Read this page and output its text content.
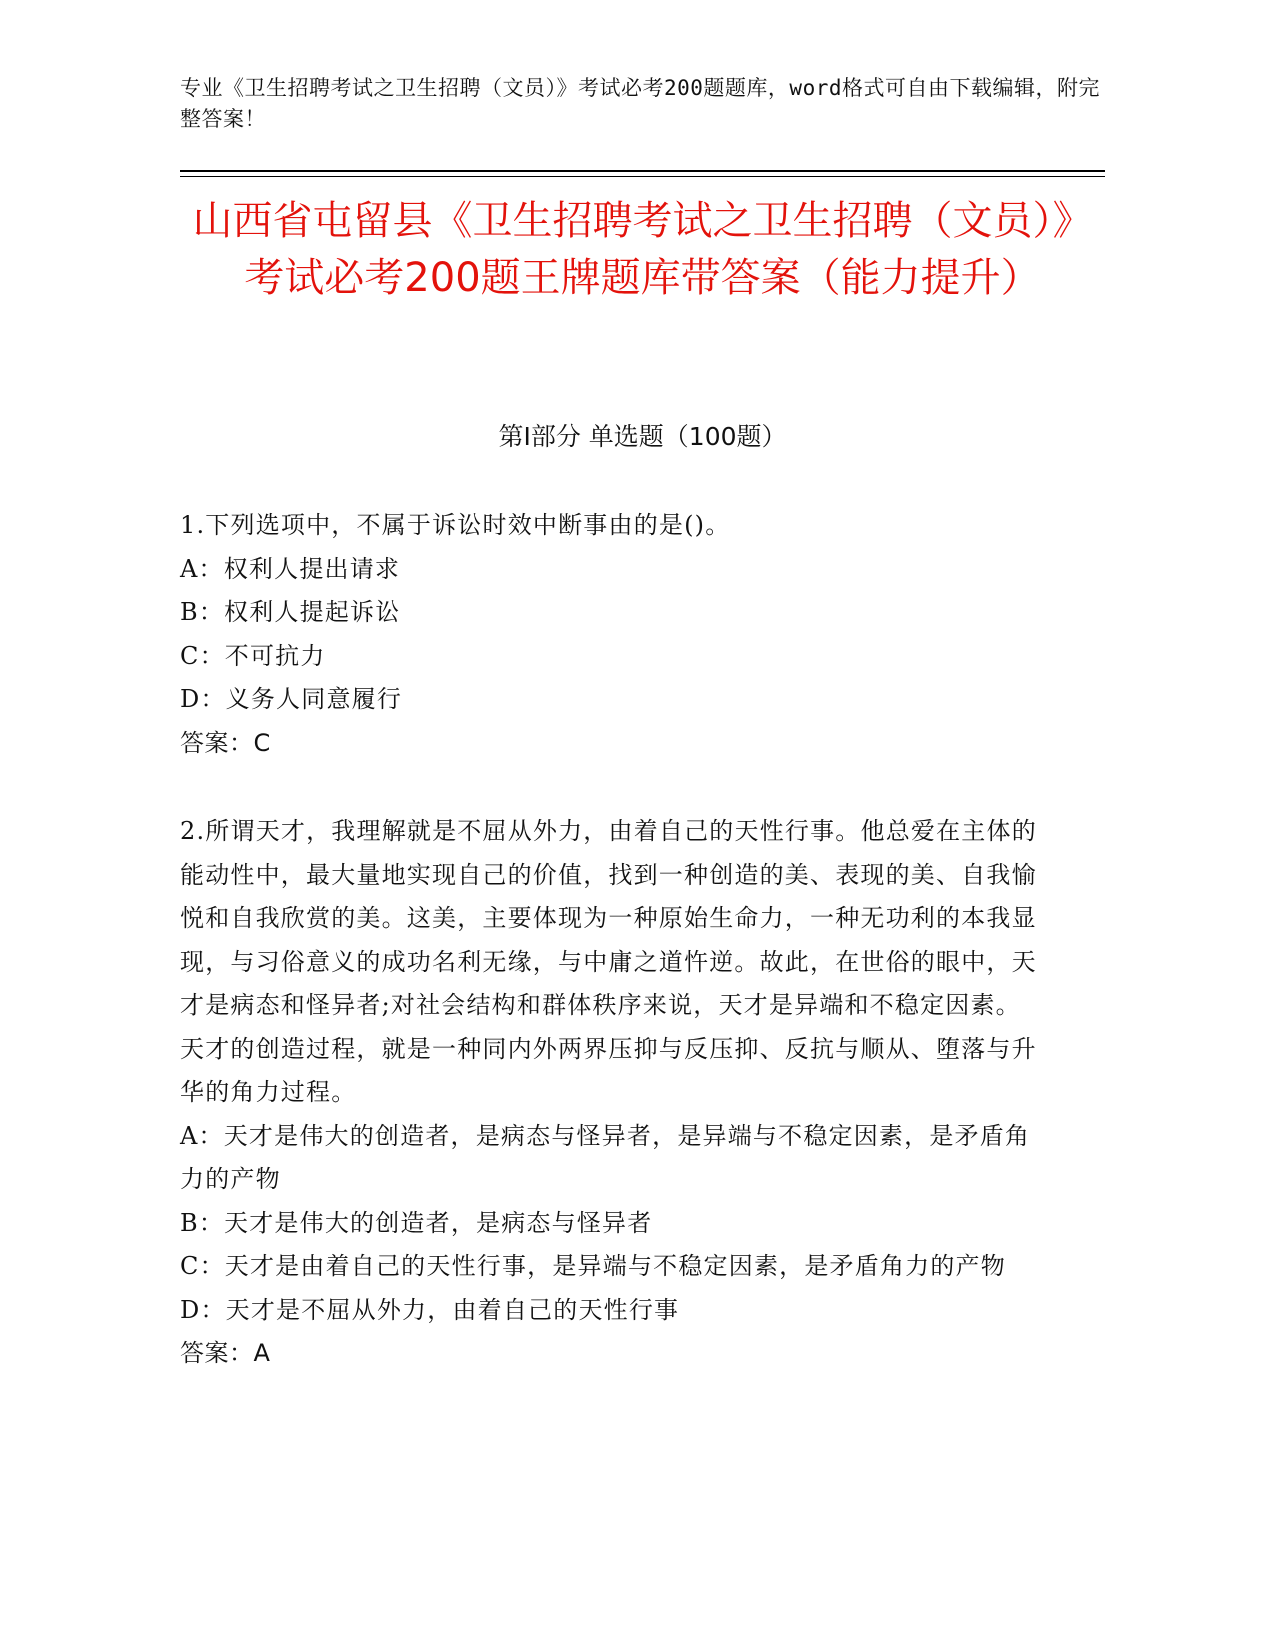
专业《卫生招聘考试之卫生招聘（文员）》考试必考200题题库，word格式可自由下载编辑，附完整答案！
山西省屯留县《卫生招聘考试之卫生招聘（文员）》考试必考200题王牌题库带答案（能力提升）
第I部分 单选题（100题）

1.下列选项中，不属于诉讼时效中断事由的是()。

A：权利人提出请求

B：权利人提起诉讼

C：不可抗力

D：义务人同意履行

答案：C

2.所谓天才，我理解就是不屈从外力，由着自己的天性行事。他总爱在主体的能动性中，最大量地实现自己的价值，找到一种创造的美、表现的美、自我愉悦和自我欣赏的美。这美，主要体现为一种原始生命力，一种无功利的本我显现，与习俗意义的成功名利无缘，与中庸之道忤逆。故此，在世俗的眼中，天才是病态和怪异者;对社会结构和群体秩序来说，天才是异端和不稳定因素。天才的创造过程，就是一种同内外两界压抑与反压抑、反抗与顺从、堕落与升华的角力过程。

A：天才是伟大的创造者，是病态与怪异者，是异端与不稳定因素，是矛盾角力的产物

B：天才是伟大的创造者，是病态与怪异者

C：天才是由着自己的天性行事，是异端与不稳定因素，是矛盾角力的产物

D：天才是不屈从外力，由着自己的天性行事

答案：A
